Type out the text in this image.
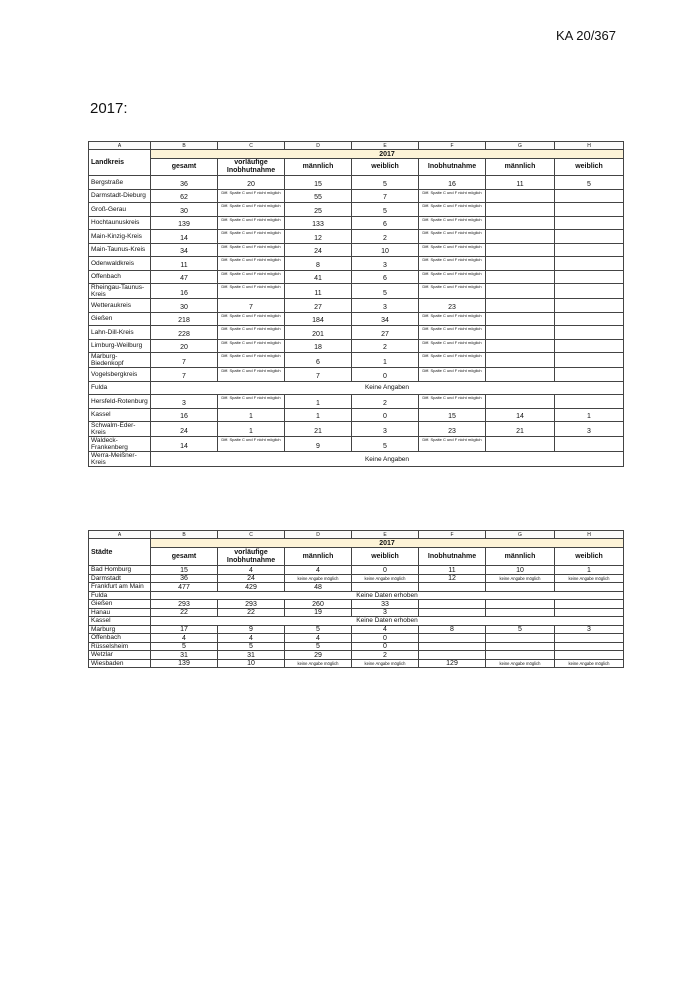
KA 20/367
2017:
A	B	C	D	E	F	G	H
Landkreis	2017						
	gesamt	vorläufige Inobhutnahme	männlich	weiblich	Inobhutnahme	männlich	weiblich
Bergstraße	36	20	15	5	16	11	5
Darmstadt-Dieburg	62	Diff. Spalte C und F nicht möglich	55	7	Diff. Spalte C und F nicht möglich		
Groß-Gerau	30	Diff. Spalte C und F nicht möglich	25	5	Diff. Spalte C und F nicht möglich		
Hochtaunuskreis	139	Diff. Spalte C und F nicht möglich	133	6	Diff. Spalte C und F nicht möglich		
Main-Kinzig-Kreis	14	Diff. Spalte C und F nicht möglich	12	2	Diff. Spalte C und F nicht möglich		
Main-Taunus-Kreis	34	Diff. Spalte C und F nicht möglich	24	10	Diff. Spalte C und F nicht möglich		
Odenwaldkreis	11	Diff. Spalte C und F nicht möglich	8	3	Diff. Spalte C und F nicht möglich		
Offenbach	47	Diff. Spalte C und F nicht möglich	41	6	Diff. Spalte C und F nicht möglich		
Rheingau-Taunus-Kreis	16	Diff. Spalte C und F nicht möglich	11	5	Diff. Spalte C und F nicht möglich		
Wetteraukreis	30	7	27	3	23		
Gießen	218	Diff. Spalte C und F nicht möglich	184	34	Diff. Spalte C und F nicht möglich		
Lahn-Dill-Kreis	228	Diff. Spalte C und F nicht möglich	201	27	Diff. Spalte C und F nicht möglich		
Limburg-Weilburg	20	Diff. Spalte C und F nicht möglich	18	2	Diff. Spalte C und F nicht möglich		
Marburg-Biedenkopf	7	Diff. Spalte C und F nicht möglich	6	1	Diff. Spalte C und F nicht möglich		
Vogelsbergkreis	7	Diff. Spalte C und F nicht möglich	7	0	Diff. Spalte C und F nicht möglich		
Fulda	Keine Angaben						
Hersfeld-Rotenburg	3	Diff. Spalte C und F nicht möglich	1	2	Diff. Spalte C und F nicht möglich		
Kassel	16	1	1	0	15	14	1
Schwalm-Eder-Kreis	24	1	21	3	23	21	3
Waldeck-Frankenberg	14	Diff. Spalte C und F nicht möglich	9	5	Diff. Spalte C und F nicht möglich		
Werra-Meißner-Kreis	Keine Angaben						
A	B	C	D	E	F	G	H
Städte	2017						
	gesamt	vorläufige Inobhutnahme	männlich	weiblich	Inobhutnahme	männlich	weiblich
Bad Homburg	15	4	4	0	11	10	1
Darmstadt	36	24	keine Angabe möglich	keine Angabe möglich	12	keine Angabe möglich	keine Angabe möglich
Frankfurt am Main	477	429	48				
Fulda	Keine Daten erhoben						
Gießen	293	293	260	33			
Hanau	22	22	19	3			
Kassel	Keine Daten erhoben						
Marburg	17	9	5	4	8	5	3
Offenbach	4	4	4	0			
Rüsselsheim	5	5	5	0			
Wetzlar	31	31	29	2			
Wiesbaden	139	10	keine Angabe möglich	keine Angabe möglich	129	keine Angabe möglich	keine Angabe möglich
